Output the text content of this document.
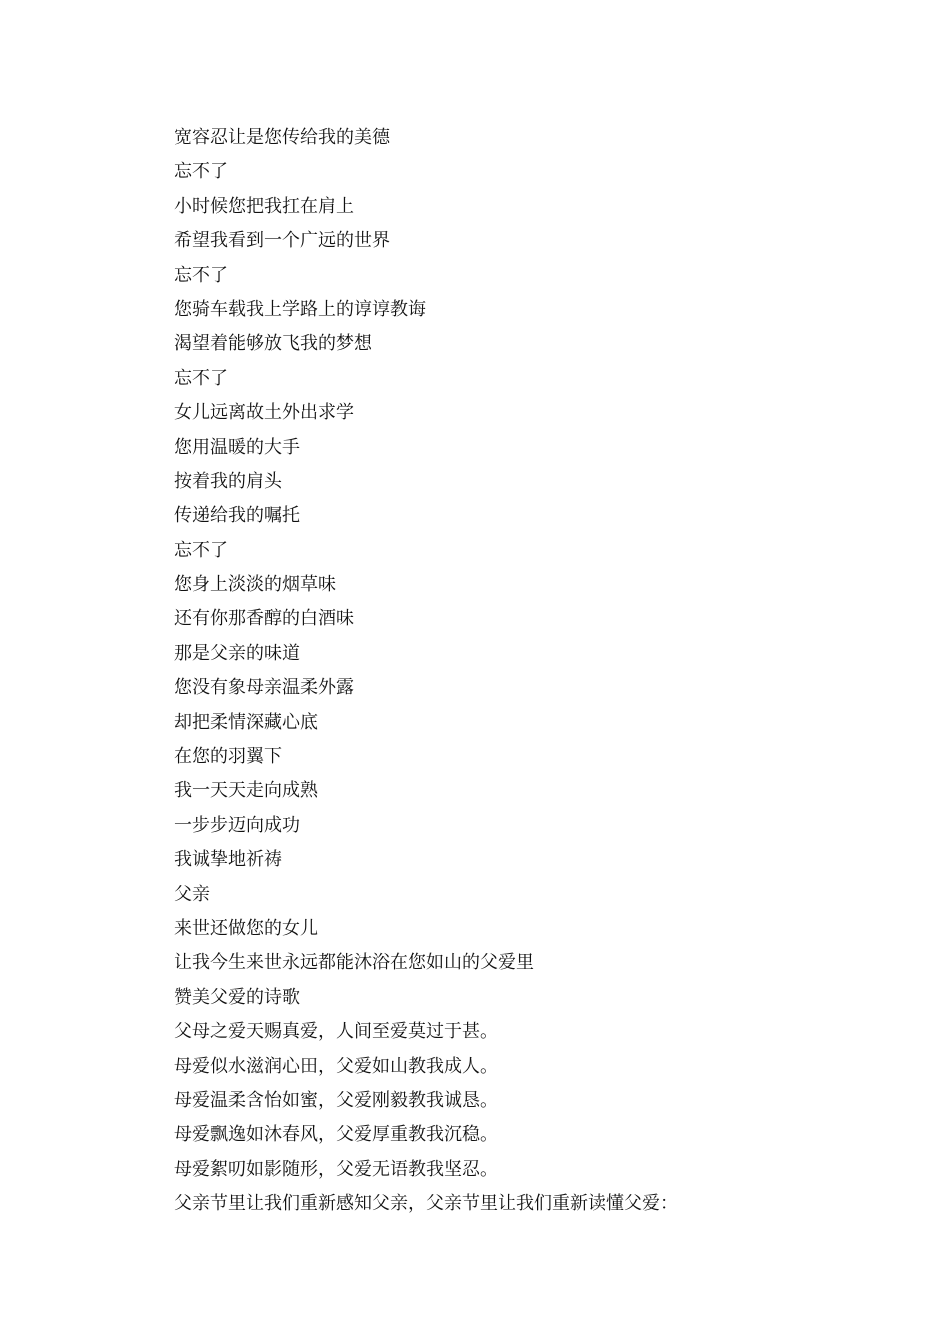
宽容忍让是您传给我的美德
忘不了
小时候您把我扛在肩上
希望我看到一个广远的世界
忘不了
您骑车载我上学路上的谆谆教诲
渴望着能够放飞我的梦想
忘不了
女儿远离故土外出求学
您用温暖的大手
按着我的肩头
传递给我的嘱托
忘不了
您身上淡淡的烟草味
还有你那香醇的白酒味
那是父亲的味道
您没有象母亲温柔外露
却把柔情深藏心底
在您的羽翼下
我一天天走向成熟
一步步迈向成功
我诚挚地祈祷
父亲
来世还做您的女儿
让我今生来世永远都能沐浴在您如山的父爱里
赞美父爱的诗歌
父母之爱天赐真爱，人间至爱莫过于甚。
母爱似水滋润心田，父爱如山教我成人。
母爱温柔含怡如蜜，父爱刚毅教我诚恳。
母爱飘逸如沐春风，父爱厚重教我沉稳。
母爱絮叨如影随形，父爱无语教我坚忍。
父亲节里让我们重新感知父亲，父亲节里让我们重新读懂父爱：
